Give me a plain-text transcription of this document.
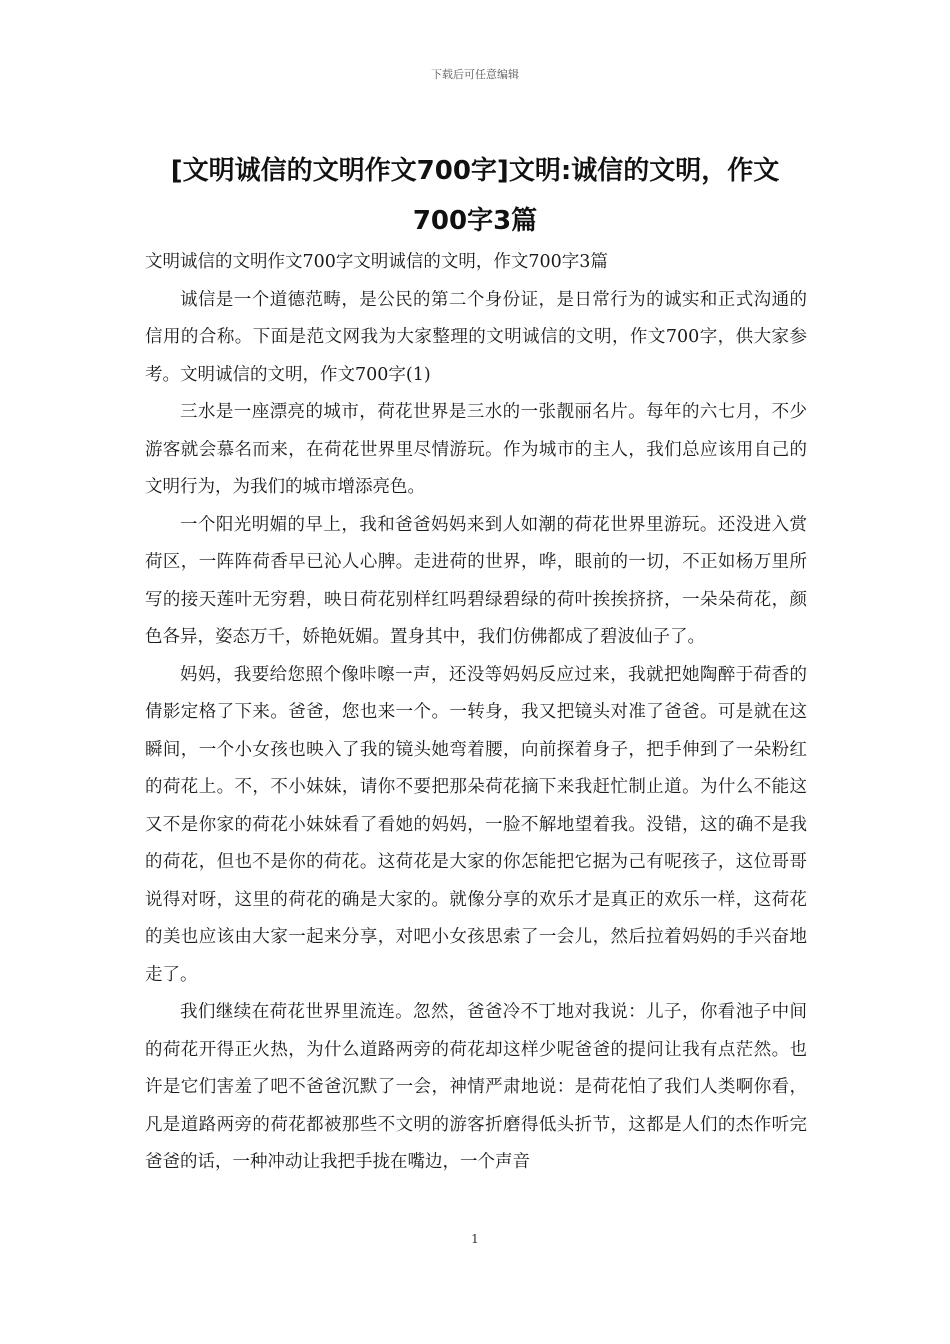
下载后可任意编辑
[文明诚信的文明作文700字]文明:诚信的文明，作文700字3篇

文明诚信的文明作文700字文明诚信的文明，作文700字3篇

诚信是一个道德范畴，是公民的第二个身份证，是日常行为的诚实和正式沟通的信用的合称。下面是范文网我为大家整理的文明诚信的文明，作文700字，供大家参考。文明诚信的文明，作文700字(1)

三水是一座漂亮的城市，荷花世界是三水的一张靓丽名片。每年的六七月，不少游客就会慕名而来，在荷花世界里尽情游玩。作为城市的主人，我们总应该用自己的文明行为，为我们的城市增添亮色。

一个阳光明媚的早上，我和爸爸妈妈来到人如潮的荷花世界里游玩。还没进入赏荷区，一阵阵荷香早已沁人心脾。走进荷的世界，哗，眼前的一切，不正如杨万里所写的接天莲叶无穷碧，映日荷花别样红吗碧绿碧绿的荷叶挨挨挤挤，一朵朵荷花，颜色各异，姿态万千，娇艳妩媚。置身其中，我们仿佛都成了碧波仙子了。

妈妈，我要给您照个像咔嚓一声，还没等妈妈反应过来，我就把她陶醉于荷香的倩影定格了下来。爸爸，您也来一个。一转身，我又把镜头对准了爸爸。可是就在这瞬间，一个小女孩也映入了我的镜头她弯着腰，向前探着身子，把手伸到了一朵粉红的荷花上。不，不小妹妹，请你不要把那朵荷花摘下来我赶忙制止道。为什么不能这又不是你家的荷花小妹妹看了看她的妈妈，一脸不解地望着我。没错，这的确不是我的荷花，但也不是你的荷花。这荷花是大家的你怎能把它据为己有呢孩子，这位哥哥说得对呀，这里的荷花的确是大家的。就像分享的欢乐才是真正的欢乐一样，这荷花的美也应该由大家一起来分享，对吧小女孩思索了一会儿，然后拉着妈妈的手兴奋地走了。

我们继续在荷花世界里流连。忽然，爸爸冷不丁地对我说：儿子，你看池子中间的荷花开得正火热，为什么道路两旁的荷花却这样少呢爸爸的提问让我有点茫然。也许是它们害羞了吧不爸爸沉默了一会，神情严肃地说：是荷花怕了我们人类啊你看，凡是道路两旁的荷花都被那些不文明的游客折磨得低头折节，这都是人们的杰作听完爸爸的话，一种冲动让我把手拢在嘴边，一个声音

1
